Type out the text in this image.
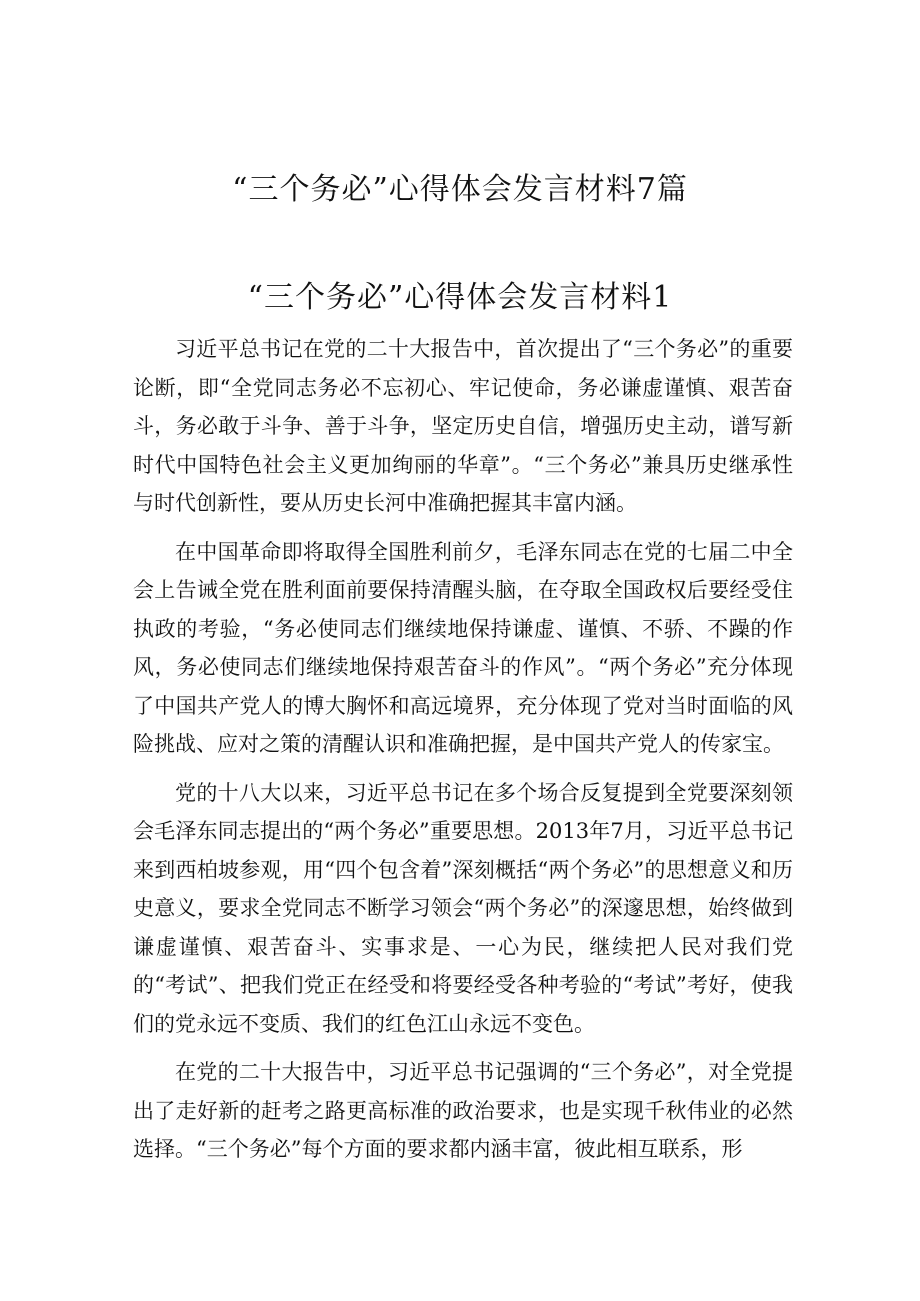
“三个务必”心得体会发言材料7篇
“三个务必”心得体会发言材料1

习近平总书记在党的二十大报告中，首次提出了“三个务必”的重要论断，即“全党同志务必不忘初心、牢记使命，务必谦虚谨慎、艰苦奋斗，务必敢于斗争、善于斗争，坚定历史自信，增强历史主动，谱写新时代中国特色社会主义更加绚丽的华章”。“三个务必”兼具历史继承性与时代创新性，要从历史长河中准确把握其丰富内涵。

在中国革命即将取得全国胜利前夕，毛泽东同志在党的七届二中全会上告诫全党在胜利面前要保持清醒头脑，在夺取全国政权后要经受住执政的考验，“务必使同志们继续地保持谦虚、谨慎、不骄、不躁的作风，务必使同志们继续地保持艰苦奋斗的作风”。“两个务必”充分体现了中国共产党人的博大胸怀和高远境界，充分体现了党对当时面临的风险挑战、应对之策的清醒认识和准确把握，是中国共产党人的传家宝。

党的十八大以来，习近平总书记在多个场合反复提到全党要深刻领会毛泽东同志提出的“两个务必”重要思想。2013年7月，习近平总书记来到西柏坡参观，用“四个包含着”深刻概括“两个务必”的思想意义和历史意义，要求全党同志不断学习领会“两个务必”的深邃思想，始终做到谦虚谨慎、艰苦奋斗、实事求是、一心为民，继续把人民对我们党的“考试”、把我们党正在经受和将要经受各种考验的“考试”考好，使我们的党永远不变质、我们的红色江山永远不变色。

在党的二十大报告中，习近平总书记强调的“三个务必”，对全党提出了走好新的赶考之路更高标准的政治要求，也是实现千秋伟业的必然选择。“三个务必”每个方面的要求都内涵丰富，彼此相互联系，形
